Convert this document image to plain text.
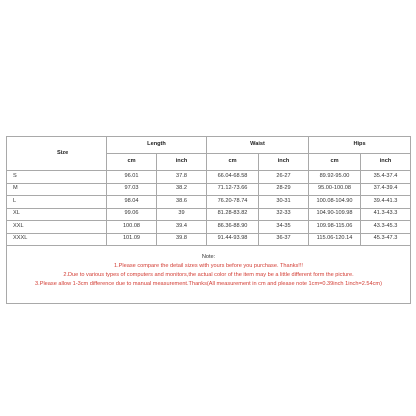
Size	Length		Waist		Hips	
	cm	inch	cm	inch	cm	inch
S	96.01	37.8	66.04-68.58	26-27	89.92-95.00	35.4-37.4
M	97.03	38.2	71.12-73.66	28-29	95.00-100.08	37.4-39.4
L	98.04	38.6	76.20-78.74	30-31	100.08-104.90	39.4-41.3
XL	99.06	39	81.28-83.82	32-33	104.90-109.98	41.3-43.3
XXL	100.08	39.4	86.36-88.90	34-35	109.98-115.06	43.3-45.3
XXXL	101.09	39.8	91.44-93.98	36-37	115.06-120.14	45.3-47.3

Note:
1.Please compare the detail sizes with yours before you purchase. Thanks!!!
2.Due to various types of computers and monitors,the actual color of the item may be a little different form the picture.
3.Please allow 1-3cm difference due to manual measurement.Thanks(All measurement in cm and please note 1cm=0.39inch 1inch=2.54cm)						
